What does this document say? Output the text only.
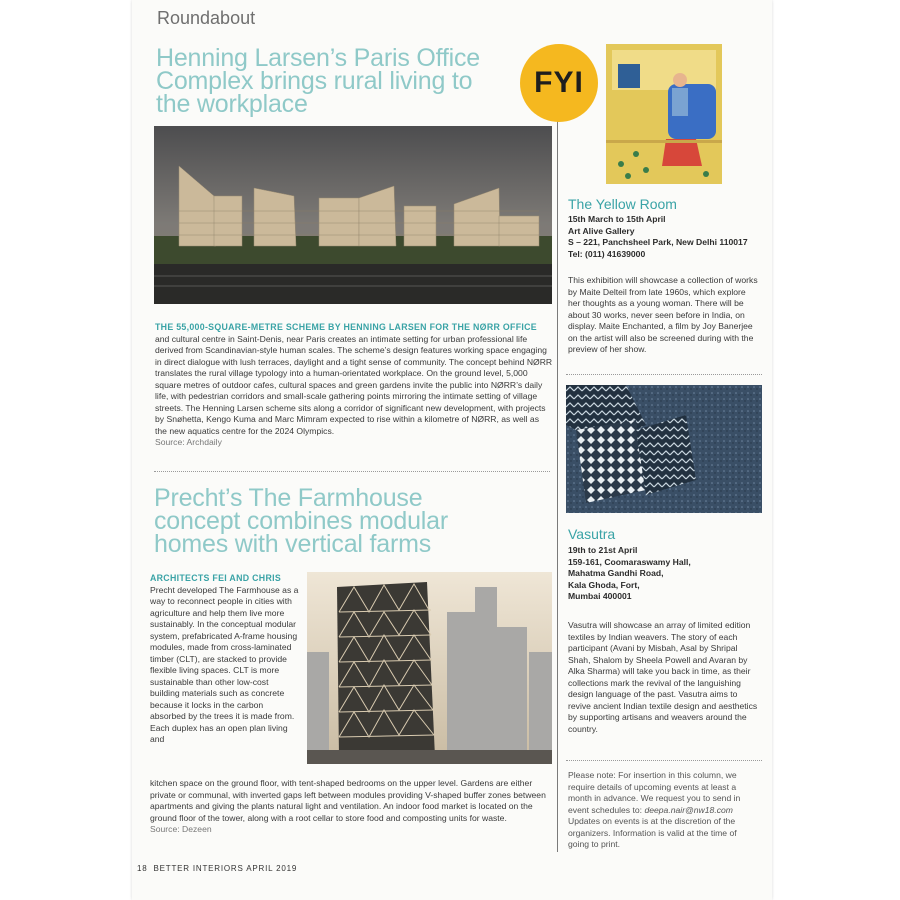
Roundabout
Henning Larsen’s Paris Office
Complex brings rural living to
the workplace
THE 55,000-SQUARE-METRE SCHEME BY HENNING LARSEN FOR THE NØRR OFFICE
and cultural centre in Saint-Denis, near Paris creates an intimate setting for urban professional life derived from Scandinavian-style human scales. The scheme’s design features working space engaging in direct dialogue with lush terraces, daylight and a tight sense of community. The concept behind NØRR translates the rural village typology into a human-orientated workplace. On the ground level, 5,000 square metres of outdoor cafes, cultural spaces and green gardens invite the public into NØRR’s daily life, with pedestrian corridors and small-scale gathering points mirroring the intimate setting of village streets. The Henning Larsen scheme sits along a corridor of significant new development, with projects by Snøhetta, Kengo Kuma and Marc Mimram expected to rise within a kilometre of NØRR, as well as the new aquatics centre for the 2024 Olympics.
Source: Archdaily
Precht’s The Farmhouse
concept combines modular
homes with vertical farms
ARCHITECTS FEI AND CHRIS
Precht developed The Farmhouse as a way to reconnect people in cities with agriculture and help them live more sustainably. In the conceptual modular system, prefabricated A-frame housing modules, made from cross-laminated timber (CLT), are stacked to provide flexible living spaces. CLT is more sustainable than other low-cost building materials such as concrete because it locks in the carbon absorbed by the trees it is made from. Each duplex has an open plan living and
kitchen space on the ground floor, with tent-shaped bedrooms on the upper level. Gardens are either private or communal, with inverted gaps left between modules providing V-shaped buffer zones between apartments and giving the plants natural light and ventilation. An indoor food market is located on the ground floor of the tower, along with a root cellar to store food and composting units for waste.
Source: Dezeen
FYI
The Yellow Room
15th March to 15th April
Art Alive Gallery
S – 221, Panchsheel Park, New Delhi 110017
Tel: (011) 41639000
This exhibition will showcase a collection of works by Maite Delteil from late 1960s, which explore her thoughts as a young woman. There will be about 30 works, never seen before in India, on display. Maite Enchanted, a film by Joy Banerjee on the artist will also be screened during with the preview of her show.
Vasutra
19th to 21st April
159-161, Coomaraswamy Hall,
Mahatma Gandhi Road,
Kala Ghoda, Fort,
Mumbai 400001
Vasutra will showcase an array of limited edition textiles by Indian weavers. The story of each participant (Avani by Misbah, Asal by Shripal Shah, Shalom by Sheela Powell and Avaran by Alka Sharma) will take you back in time, as their collections mark the revival of the languishing design language of the past. Vasutra aims to revive ancient Indian textile design and aesthetics by supporting artisans and weavers around the country.
Please note: For insertion in this column, we require details of upcoming events at least a month in advance. We request you to send in event schedules to: deepa.nair@nw18.com Updates on events is at the discretion of the organizers. Information is valid at the time of going to print.
18 BETTER INTERIORS APRIL 2019
